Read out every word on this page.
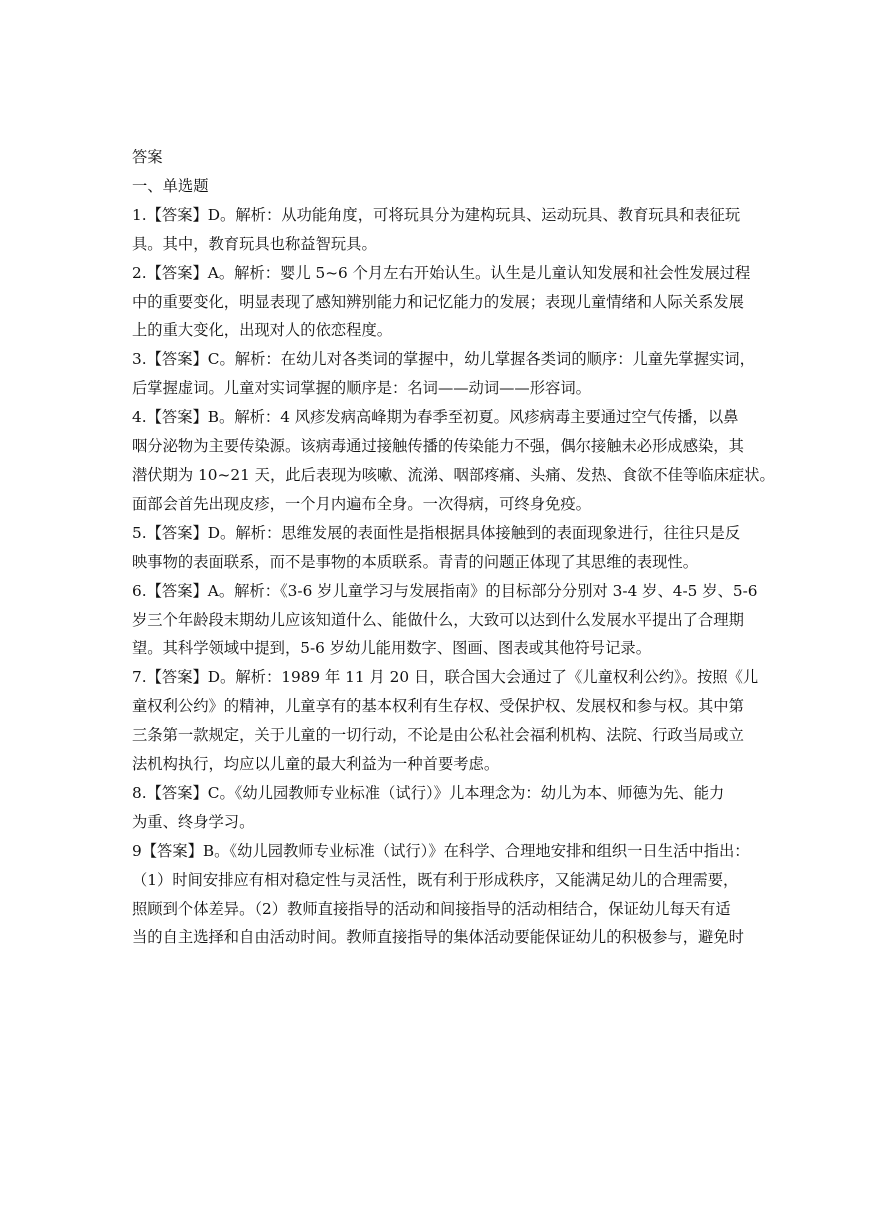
答案
一、单选题
1.【答案】D。解析：从功能角度，可将玩具分为建构玩具、运动玩具、教育玩具和表征玩
具。其中，教育玩具也称益智玩具。
2.【答案】A。解析：婴儿 5~6 个月左右开始认生。认生是儿童认知发展和社会性发展过程
中的重要变化，明显表现了感知辨别能力和记忆能力的发展；表现儿童情绪和人际关系发展
上的重大变化，出现对人的依恋程度。
3.【答案】C。解析：在幼儿对各类词的掌握中，幼儿掌握各类词的顺序：儿童先掌握实词，
后掌握虚词。儿童对实词掌握的顺序是：名词——动词——形容词。
4.【答案】B。解析：4 风疹发病高峰期为春季至初夏。风疹病毒主要通过空气传播，以鼻
咽分泌物为主要传染源。该病毒通过接触传播的传染能力不强，偶尔接触未必形成感染，其
潜伏期为 10~21 天，此后表现为咳嗽、流涕、咽部疼痛、头痛、发热、食欲不佳等临床症状。
面部会首先出现皮疹，一个月内遍布全身。一次得病，可终身免疫。
5.【答案】D。解析：思维发展的表面性是指根据具体接触到的表面现象进行，往往只是反
映事物的表面联系，而不是事物的本质联系。青青的问题正体现了其思维的表现性。
6.【答案】A。解析：《3-6 岁儿童学习与发展指南》的目标部分分别对 3-4 岁、4-5 岁、5-6
岁三个年龄段末期幼儿应该知道什么、能做什么，大致可以达到什么发展水平提出了合理期
望。其科学领域中提到，5-6 岁幼儿能用数字、图画、图表或其他符号记录。
7.【答案】D。解析：1989 年 11 月 20 日，联合国大会通过了《儿童权利公约》。按照《儿
童权利公约》的精神，儿童享有的基本权利有生存权、受保护权、发展权和参与权。其中第
三条第一款规定，关于儿童的一切行动，不论是由公私社会福利机构、法院、行政当局或立
法机构执行，均应以儿童的最大利益为一种首要考虑。
8.【答案】C。《幼儿园教师专业标准（试行）》儿本理念为：幼儿为本、师德为先、能力
为重、终身学习。
9【答案】B。《幼儿园教师专业标准（试行）》在科学、合理地安排和组织一日生活中指出：
（1）时间安排应有相对稳定性与灵活性，既有利于形成秩序，又能满足幼儿的合理需要，
照顾到个体差异。（2）教师直接指导的活动和间接指导的活动相结合，保证幼儿每天有适
当的自主选择和自由活动时间。教师直接指导的集体活动要能保证幼儿的积极参与，避免时
